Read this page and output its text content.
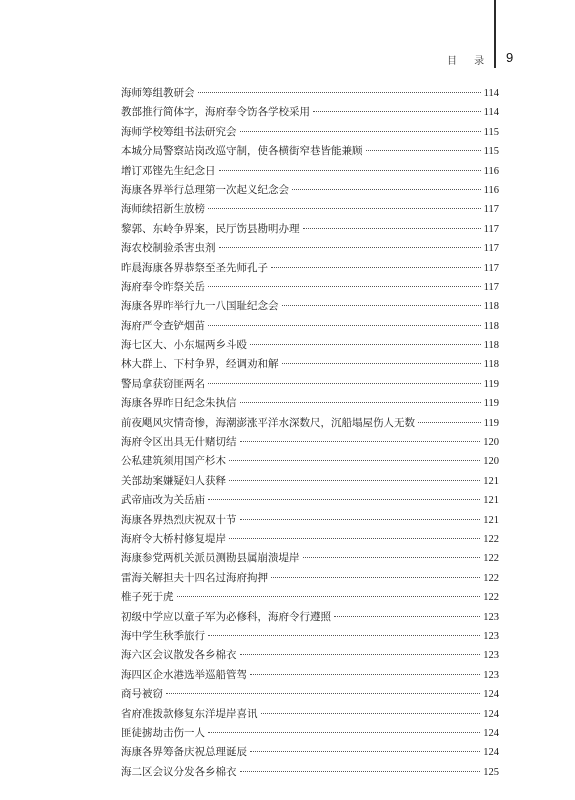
目 录 9
海师筹组教研会	114
教部推行简体字，海府奉令饬各学校采用	114
海师学校筹组书法研究会	115
本城分局警察站岗改巡守制，使各横街窄巷皆能兼顾	115
增订邓铿先生纪念日	116
海康各界举行总理第一次起义纪念会	116
海师续招新生放榜	117
黎郭、东岭争界案，民厅饬县勘明办理	117
海农校制验杀害虫剂	117
昨晨海康各界恭祭至圣先师孔子	117
海府奉令昨祭关岳	117
海康各界昨举行九一八国耻纪念会	118
海府严令查铲烟苗	118
海七区大、小东堀两乡斗殴	118
林大群上、下村争界，经调劝和解	118
警局拿获窃匪两名	119
海康各界昨日纪念朱执信	119
前夜飓风灾情奇惨，海潮澎涨平洋水深数尺，沉船塌屋伤人无数	119
海府令区出具无什赌切结	120
公私建筑须用国产杉木	120
关部劫案嫌疑妇人获释	121
武帝庙改为关岳庙	121
海康各界热烈庆祝双十节	121
海府令大桥村修复堤岸	122
海康参党两机关派员测勘县属崩溃堤岸	122
雷海关解担夫十四名过海府拘押	122
椎子死于虎	122
初级中学应以童子军为必修科，海府令行遵照	123
海中学生秋季旅行	123
海六区会议散发各乡棉衣	123
海四区企水港选举巡船管驾	123
商号被窃	124
省府准拨款修复东洋堤岸喜讯	124
匪徒掳劫击伤一人	124
海康各界筹备庆祝总理诞辰	124
海二区会议分发各乡棉衣	125
